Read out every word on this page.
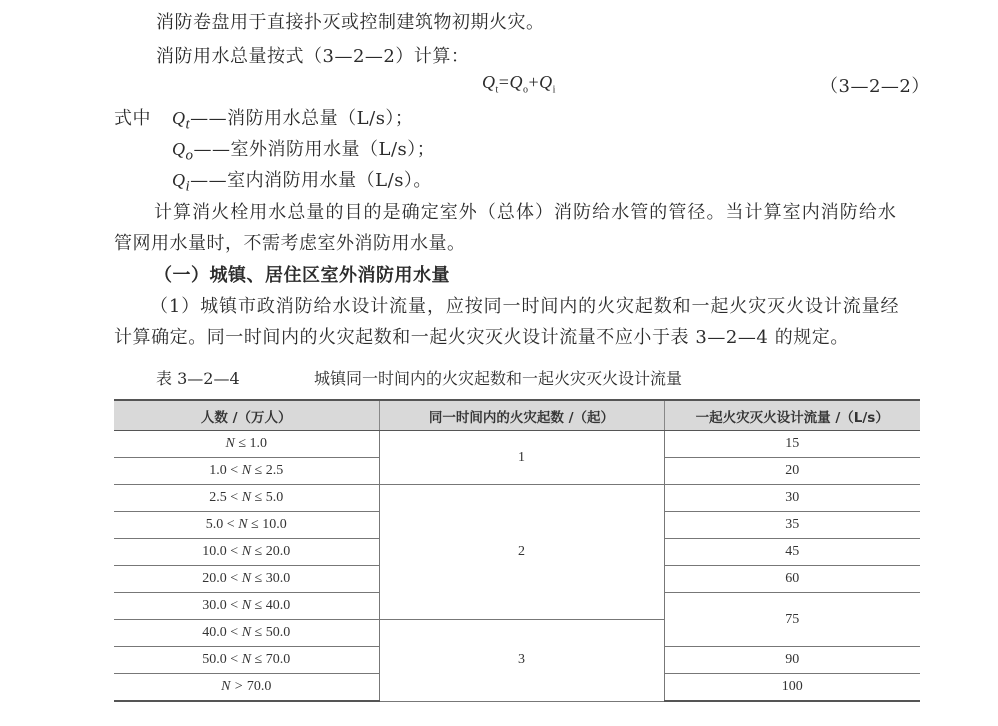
消防卷盘用于直接扑灭或控制建筑物初期火灾。
消防用水总量按式（3—2—2）计算：
$Q_t=Q_o+Q_i$	（3—2—2）
式中 $Q_t——$消防用水总量（L/s）；
$Q_o——$室外消防用水量（L/s）；
$Q_i——$室内消防用水量（L/s）。
计算消火栓用水总量的目的是确定室外（总体）消防给水管的管径。当计算室内消防给水
管网用水量时，不需考虑室外消防用水量。
（一）城镇、居住区室外消防用水量
（1）城镇市政消防给水设计流量，应按同一时间内的火灾起数和一起火灾灭火设计流量经
计算确定。同一时间内的火灾起数和一起火灾灭火设计流量不应小于表 3—2—4 的规定。
表 3—2—4	城镇同一时间内的火灾起数和一起火灾灭火设计流量
人数 /（万人）	同一时间内的火灾起数 /（起）	一起火灾灭火设计流量 /（L/s）
N ≤ 1.0	1	15
1.0 < N ≤ 2.5		20
2.5 < N ≤ 5.0	2	30
5.0 < N ≤ 10.0		35
10.0 < N ≤ 20.0		45
20.0 < N ≤ 30.0		60
30.0 < N ≤ 40.0		75
40.0 < N ≤ 50.0	3	
50.0 < N ≤ 70.0		90
N > 70.0		100
